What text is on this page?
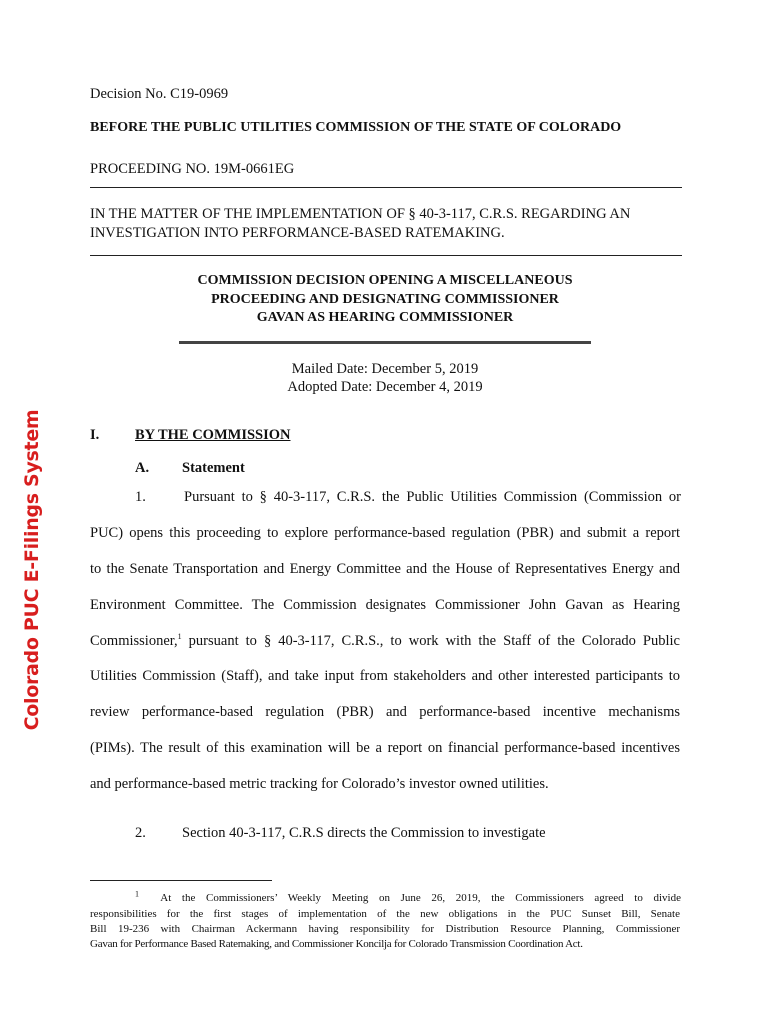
Colorado PUC E-Filings System
Decision No. C19-0969
BEFORE THE PUBLIC UTILITIES COMMISSION OF THE STATE OF COLORADO
PROCEEDING NO. 19M-0661EG
IN THE MATTER OF THE IMPLEMENTATION OF § 40-3-117, C.R.S. REGARDING AN
INVESTIGATION INTO PERFORMANCE-BASED RATEMAKING.
COMMISSION DECISION OPENING A MISCELLANEOUS
PROCEEDING AND DESIGNATING COMMISSIONER
GAVAN AS HEARING COMMISSIONER
Mailed Date: December 5, 2019
Adopted Date: December 4, 2019
I. BY THE COMMISSION
A. Statement
1.	Pursuant to § 40-3-117, C.R.S. the Public Utilities Commission (Commission or
PUC) opens this proceeding to explore performance-based regulation (PBR) and submit a report
to the Senate Transportation and Energy Committee and the House of Representatives Energy and
Environment Committee. The Commission designates Commissioner John Gavan as Hearing
Commissioner,$^1$ pursuant to § 40-3-117, C.R.S., to work with the Staff of the Colorado Public
Utilities Commission (Staff), and take input from stakeholders and other interested participants to
review performance-based regulation (PBR) and performance-based incentive mechanisms
(PIMs). The result of this examination will be a report on financial performance-based incentives
and performance-based metric tracking for Colorado’s investor owned utilities.
2. Section 40-3-117, C.R.S directs the Commission to investigate
$^1$ At the Commissioners’ Weekly Meeting on June 26, 2019, the Commissioners agreed to divide
responsibilities for the first stages of implementation of the new obligations in the PUC Sunset Bill, Senate
Bill 19-236 with Chairman Ackermann having responsibility for Distribution Resource Planning, Commissioner
Gavan for Performance Based Ratemaking, and Commissioner Koncilja for Colorado Transmission Coordination Act.
